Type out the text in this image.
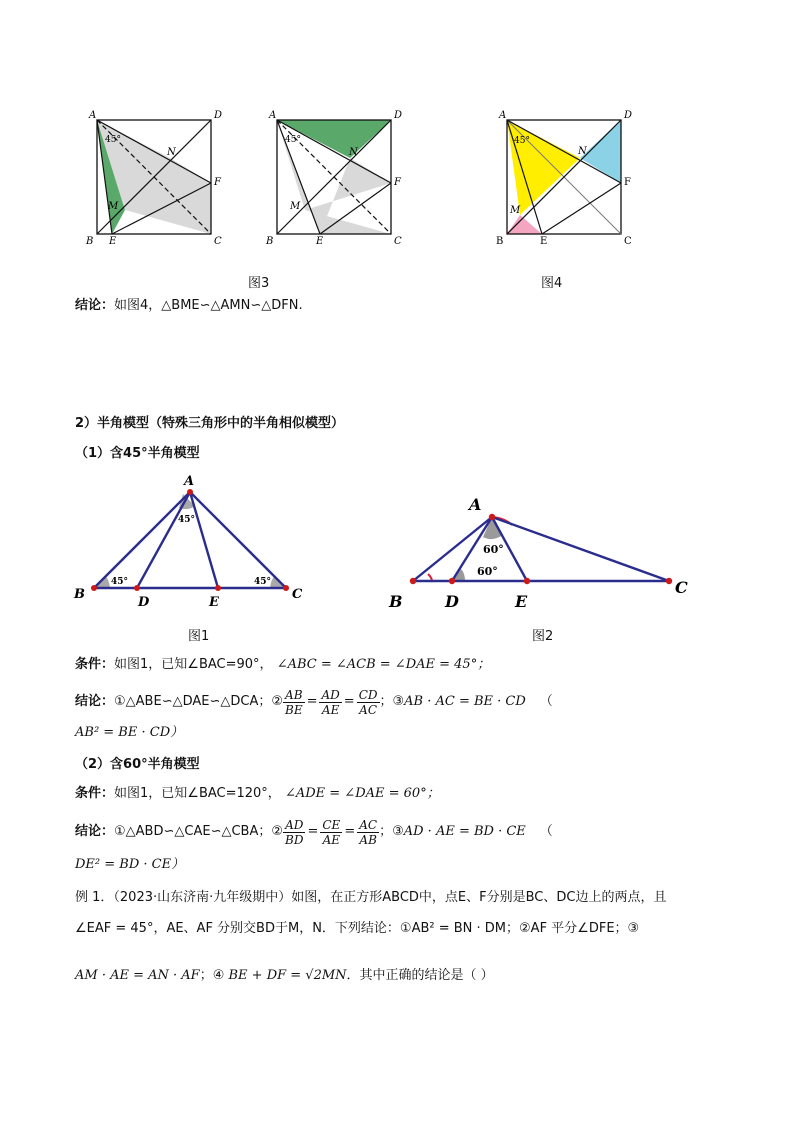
A	D
B	C
E
F
M
N
45°
A	D
B	C
E
F
M
N
45°
A	D
B	C
E
F
M
N
45°
图3	图4
结论：如图4，△BME∽△AMN∽△DFN.
2）半角模型（特殊三角形中的半角相似模型）
（1）含45°半角模型
A
B	C
D	E
45°
45°	45°
A
B
C
D	E
60°
60°
图1	图2
条件：如图1，已知∠BAC=90°， ∠ABC = ∠ACB = ∠DAE = 45°；
结论： ①△ABE∽△DAE∽△DCA；② $\frac{AB}{BE} = \frac{AD}{AE} = \frac{CD}{AC}$ ；③ AB · AC = BE · CD （
AB² = BE · CD）
（2）含60°半角模型
条件：如图1，已知∠BAC=120°， ∠ADE = ∠DAE = 60°；
结论： ①△ABD∽△CAE∽△CBA；② $\frac{AD}{BD} = \frac{CE}{AE} = \frac{AC}{AB}$ ；③ AD · AE = BD · CE （
DE² = BD · CE）
例 1．（2023·山东济南·九年级期中）如图，在正方形ABCD中，点E、F分别是BC、DC边上的两点，且
∠EAF = 45°，AE、AF 分别交BD于M，N．下列结论：①AB² = BN · DM；②AF 平分∠DFE；③
AM · AE = AN · AF；④ BE + DF = √2MN．其中正确的结论是（ ）
